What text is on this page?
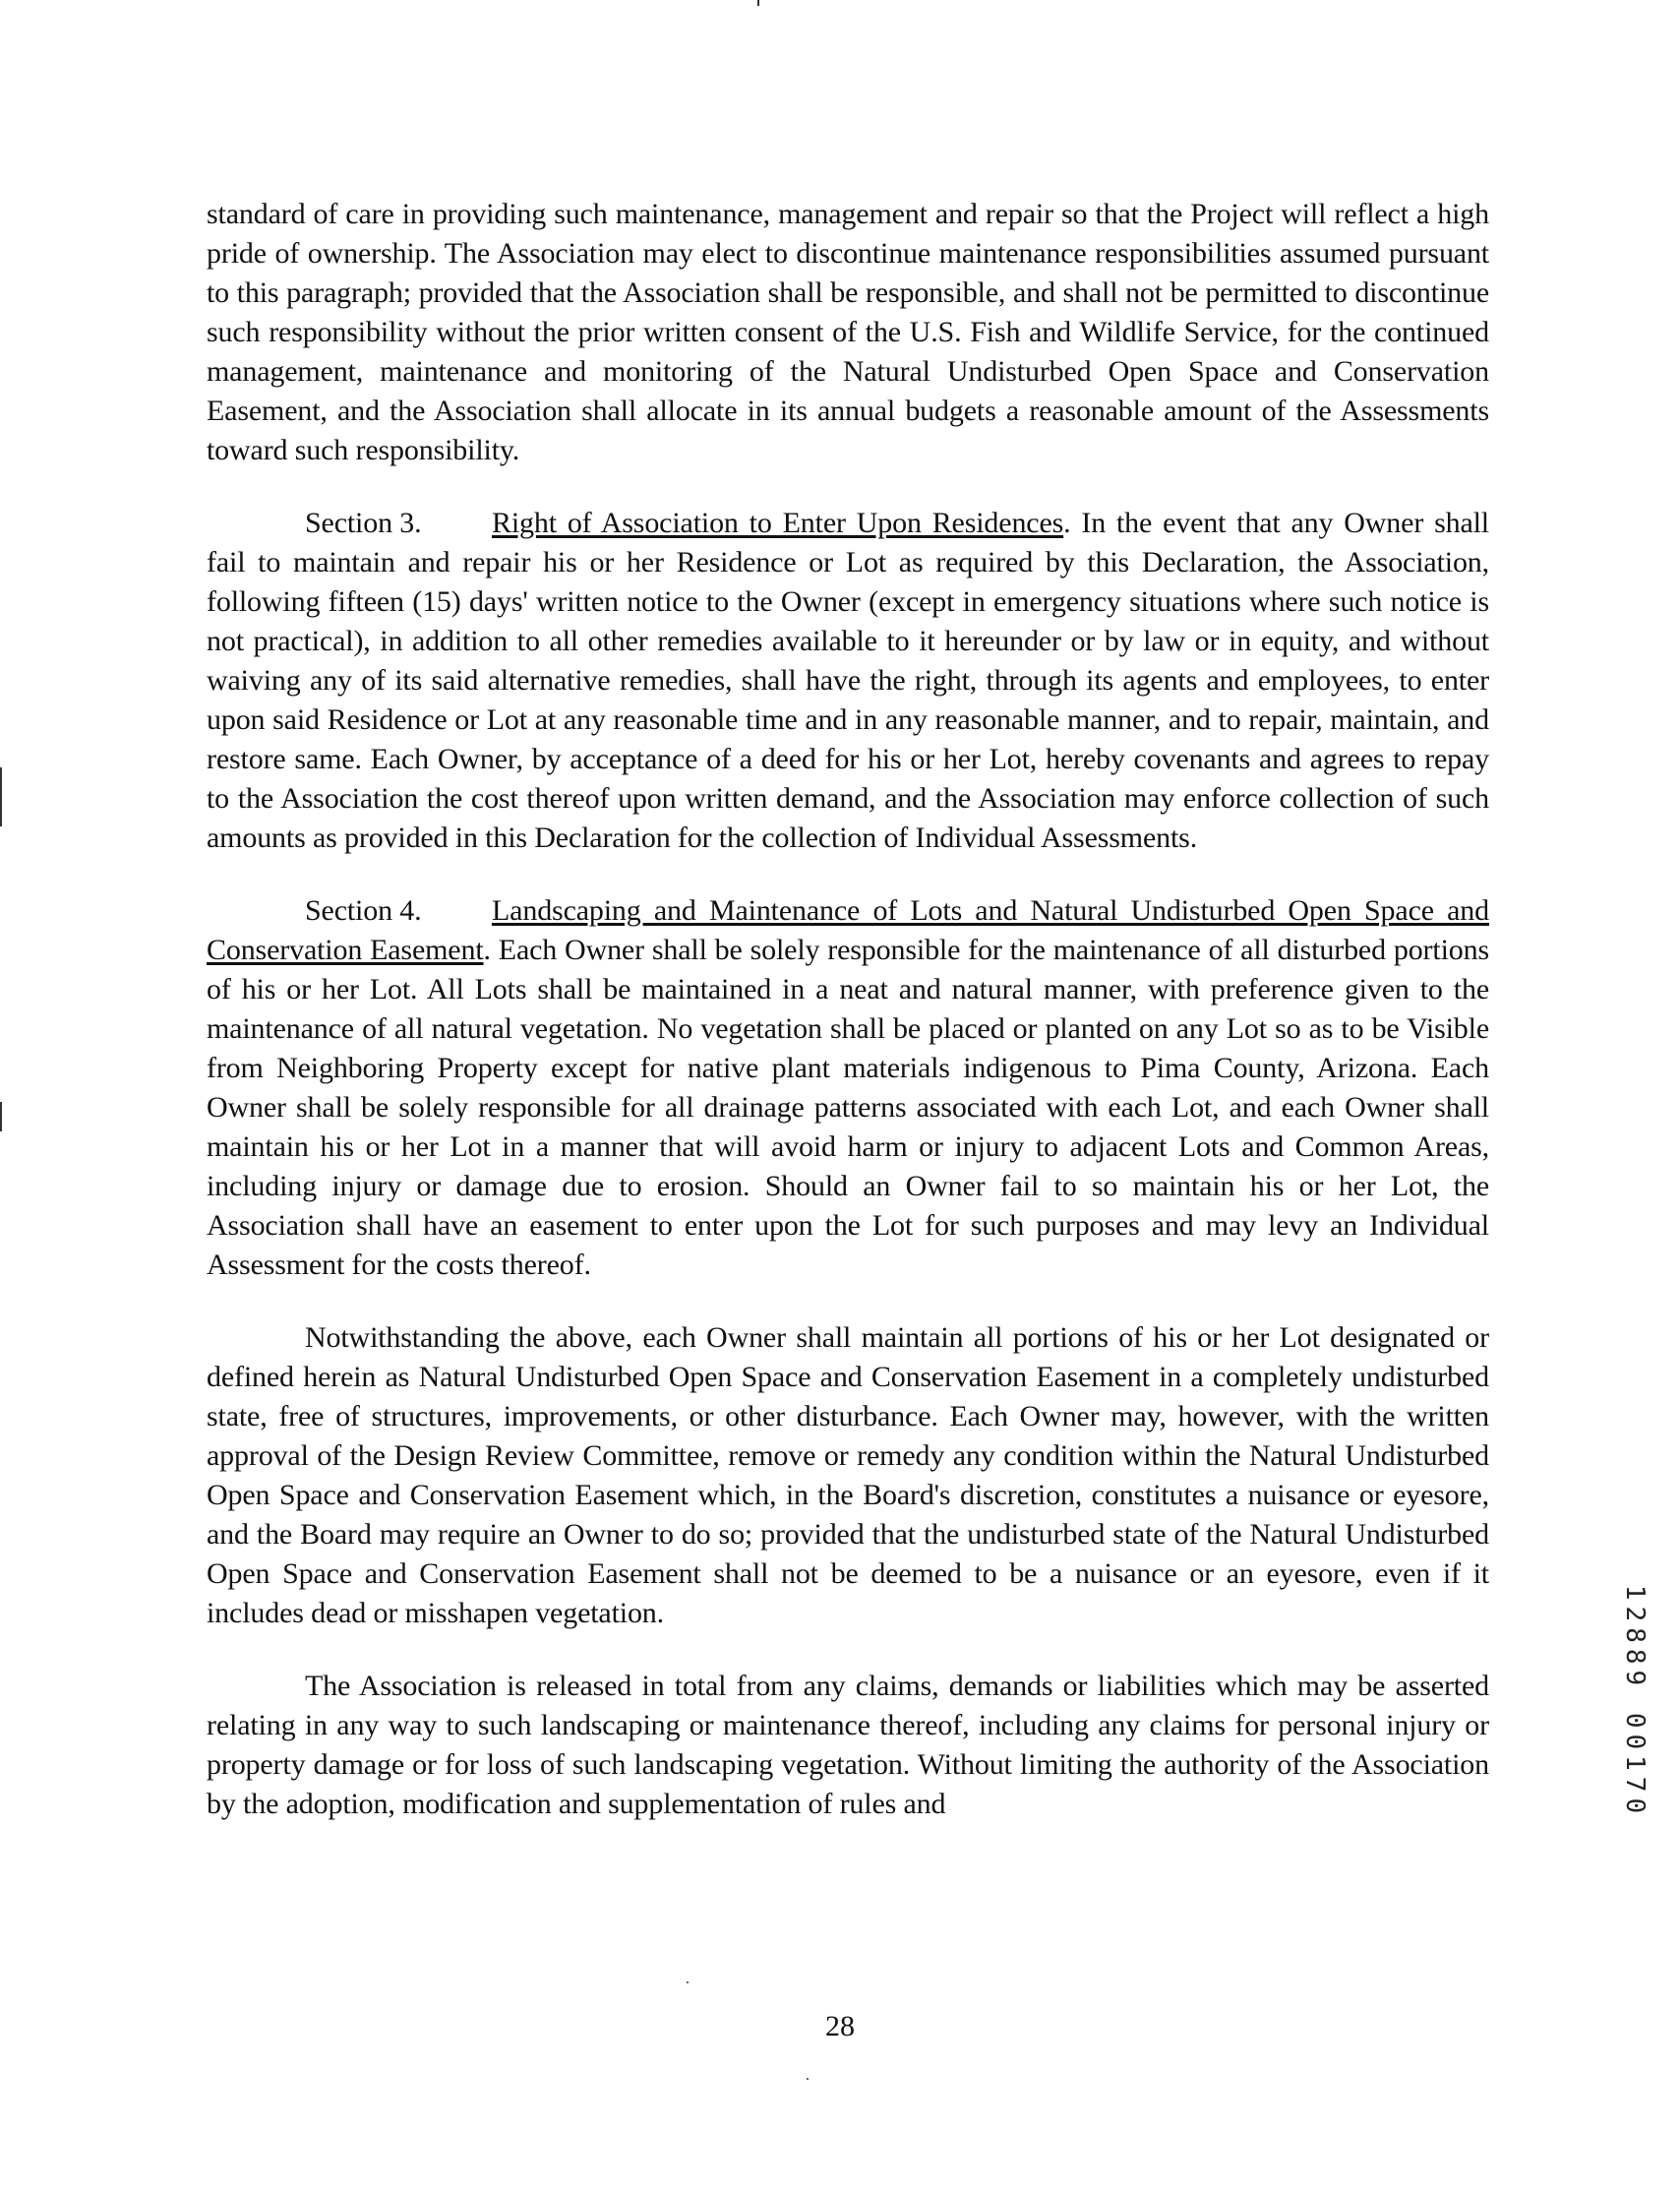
standard of care in providing such maintenance, management and repair so that the Project will reflect a high pride of ownership. The Association may elect to discontinue maintenance responsibilities assumed pursuant to this paragraph; provided that the Association shall be responsible, and shall not be permitted to discontinue such responsibility without the prior written consent of the U.S. Fish and Wildlife Service, for the continued management, maintenance and monitoring of the Natural Undisturbed Open Space and Conservation Easement, and the Association shall allocate in its annual budgets a reasonable amount of the Assessments toward such responsibility.

Section 3. Right of Association to Enter Upon Residences. In the event that any Owner shall fail to maintain and repair his or her Residence or Lot as required by this Declaration, the Association, following fifteen (15) days' written notice to the Owner (except in emergency situations where such notice is not practical), in addition to all other remedies available to it hereunder or by law or in equity, and without waiving any of its said alternative remedies, shall have the right, through its agents and employees, to enter upon said Residence or Lot at any reasonable time and in any reasonable manner, and to repair, maintain, and restore same. Each Owner, by acceptance of a deed for his or her Lot, hereby covenants and agrees to repay to the Association the cost thereof upon written demand, and the Association may enforce collection of such amounts as provided in this Declaration for the collection of Individual Assessments.

Section 4. Landscaping and Maintenance of Lots and Natural Undisturbed Open Space and Conservation Easement. Each Owner shall be solely responsible for the maintenance of all disturbed portions of his or her Lot. All Lots shall be maintained in a neat and natural manner, with preference given to the maintenance of all natural vegetation. No vegetation shall be placed or planted on any Lot so as to be Visible from Neighboring Property except for native plant materials indigenous to Pima County, Arizona. Each Owner shall be solely responsible for all drainage patterns associated with each Lot, and each Owner shall maintain his or her Lot in a manner that will avoid harm or injury to adjacent Lots and Common Areas, including injury or damage due to erosion. Should an Owner fail to so maintain his or her Lot, the Association shall have an easement to enter upon the Lot for such purposes and may levy an Individual Assessment for the costs thereof.

Notwithstanding the above, each Owner shall maintain all portions of his or her Lot designated or defined herein as Natural Undisturbed Open Space and Conservation Easement in a completely undisturbed state, free of structures, improvements, or other disturbance. Each Owner may, however, with the written approval of the Design Review Committee, remove or remedy any condition within the Natural Undisturbed Open Space and Conservation Easement which, in the Board's discretion, constitutes a nuisance or eyesore, and the Board may require an Owner to do so; provided that the undisturbed state of the Natural Undisturbed Open Space and Conservation Easement shall not be deemed to be a nuisance or an eyesore, even if it includes dead or misshapen vegetation.

The Association is released in total from any claims, demands or liabilities which may be asserted relating in any way to such landscaping or maintenance thereof, including any claims for personal injury or property damage or for loss of such landscaping vegetation. Without limiting the authority of the Association by the adoption, modification and supplementation of rules and

28
12889 00170
